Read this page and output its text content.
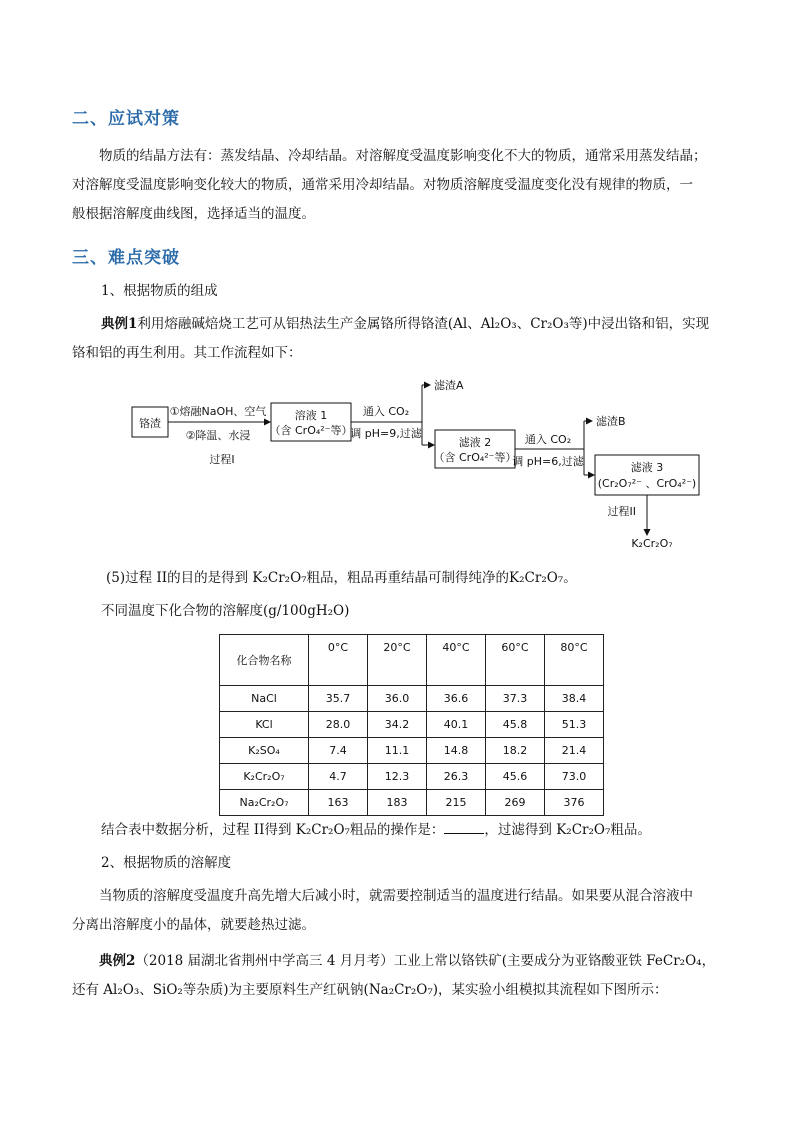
二、应试对策
物质的结晶方法有：蒸发结晶、冷却结晶。对溶解度受温度影响变化不大的物质，通常采用蒸发结晶；
对溶解度受温度影响变化较大的物质，通常采用冷却结晶。对物质溶解度受温度变化没有规律的物质，一
般根据溶解度曲线图，选择适当的温度。
三、难点突破
1、根据物质的组成
典例1利用熔融碱焙烧工艺可从铝热法生产金属铬所得铬渣(Al、Al₂O₃、Cr₂O₃等)中浸出铬和铝，实现
铬和铝的再生利用。其工作流程如下：
铬渣
①熔融NaOH、空气
②降温、水浸
过程I
溶液 1
（含 CrO₄²⁻等）
通入 CO₂
调 pH=9,过滤
滤渣A
滤液 2
（含 CrO₄²⁻等）
通入 CO₂
调 pH=6,过滤
滤渣B
滤液 3
(Cr₂O₇²⁻ 、CrO₄²⁻)
过程II
K₂Cr₂O₇
(5)过程 II的目的是得到 K₂Cr₂O₇粗品，粗品再重结晶可制得纯净的K₂Cr₂O₇。
不同温度下化合物的溶解度(g/100gH₂O)
化合物名称	0°C	20°C	40°C	60°C	80°C
NaCl	35.7	36.0	36.6	37.3	38.4
KCl	28.0	34.2	40.1	45.8	51.3
K₂SO₄	7.4	11.1	14.8	18.2	21.4
K₂Cr₂O₇	4.7	12.3	26.3	45.6	73.0
Na₂Cr₂O₇	163	183	215	269	376
结合表中数据分析，过程 II得到 K₂Cr₂O₇粗品的操作是：	，过滤得到 K₂Cr₂O₇粗品。
2、根据物质的溶解度
当物质的溶解度受温度升高先增大后减小时，就需要控制适当的温度进行结晶。如果要从混合溶液中
分离出溶解度小的晶体，就要趁热过滤。
典例2（2018 届湖北省荆州中学高三 4 月月考）工业上常以铬铁矿(主要成分为亚铬酸亚铁 FeCr₂O₄，
还有 Al₂O₃、SiO₂等杂质)为主要原料生产红矾钠(Na₂Cr₂O₇)，某实验小组模拟其流程如下图所示：
